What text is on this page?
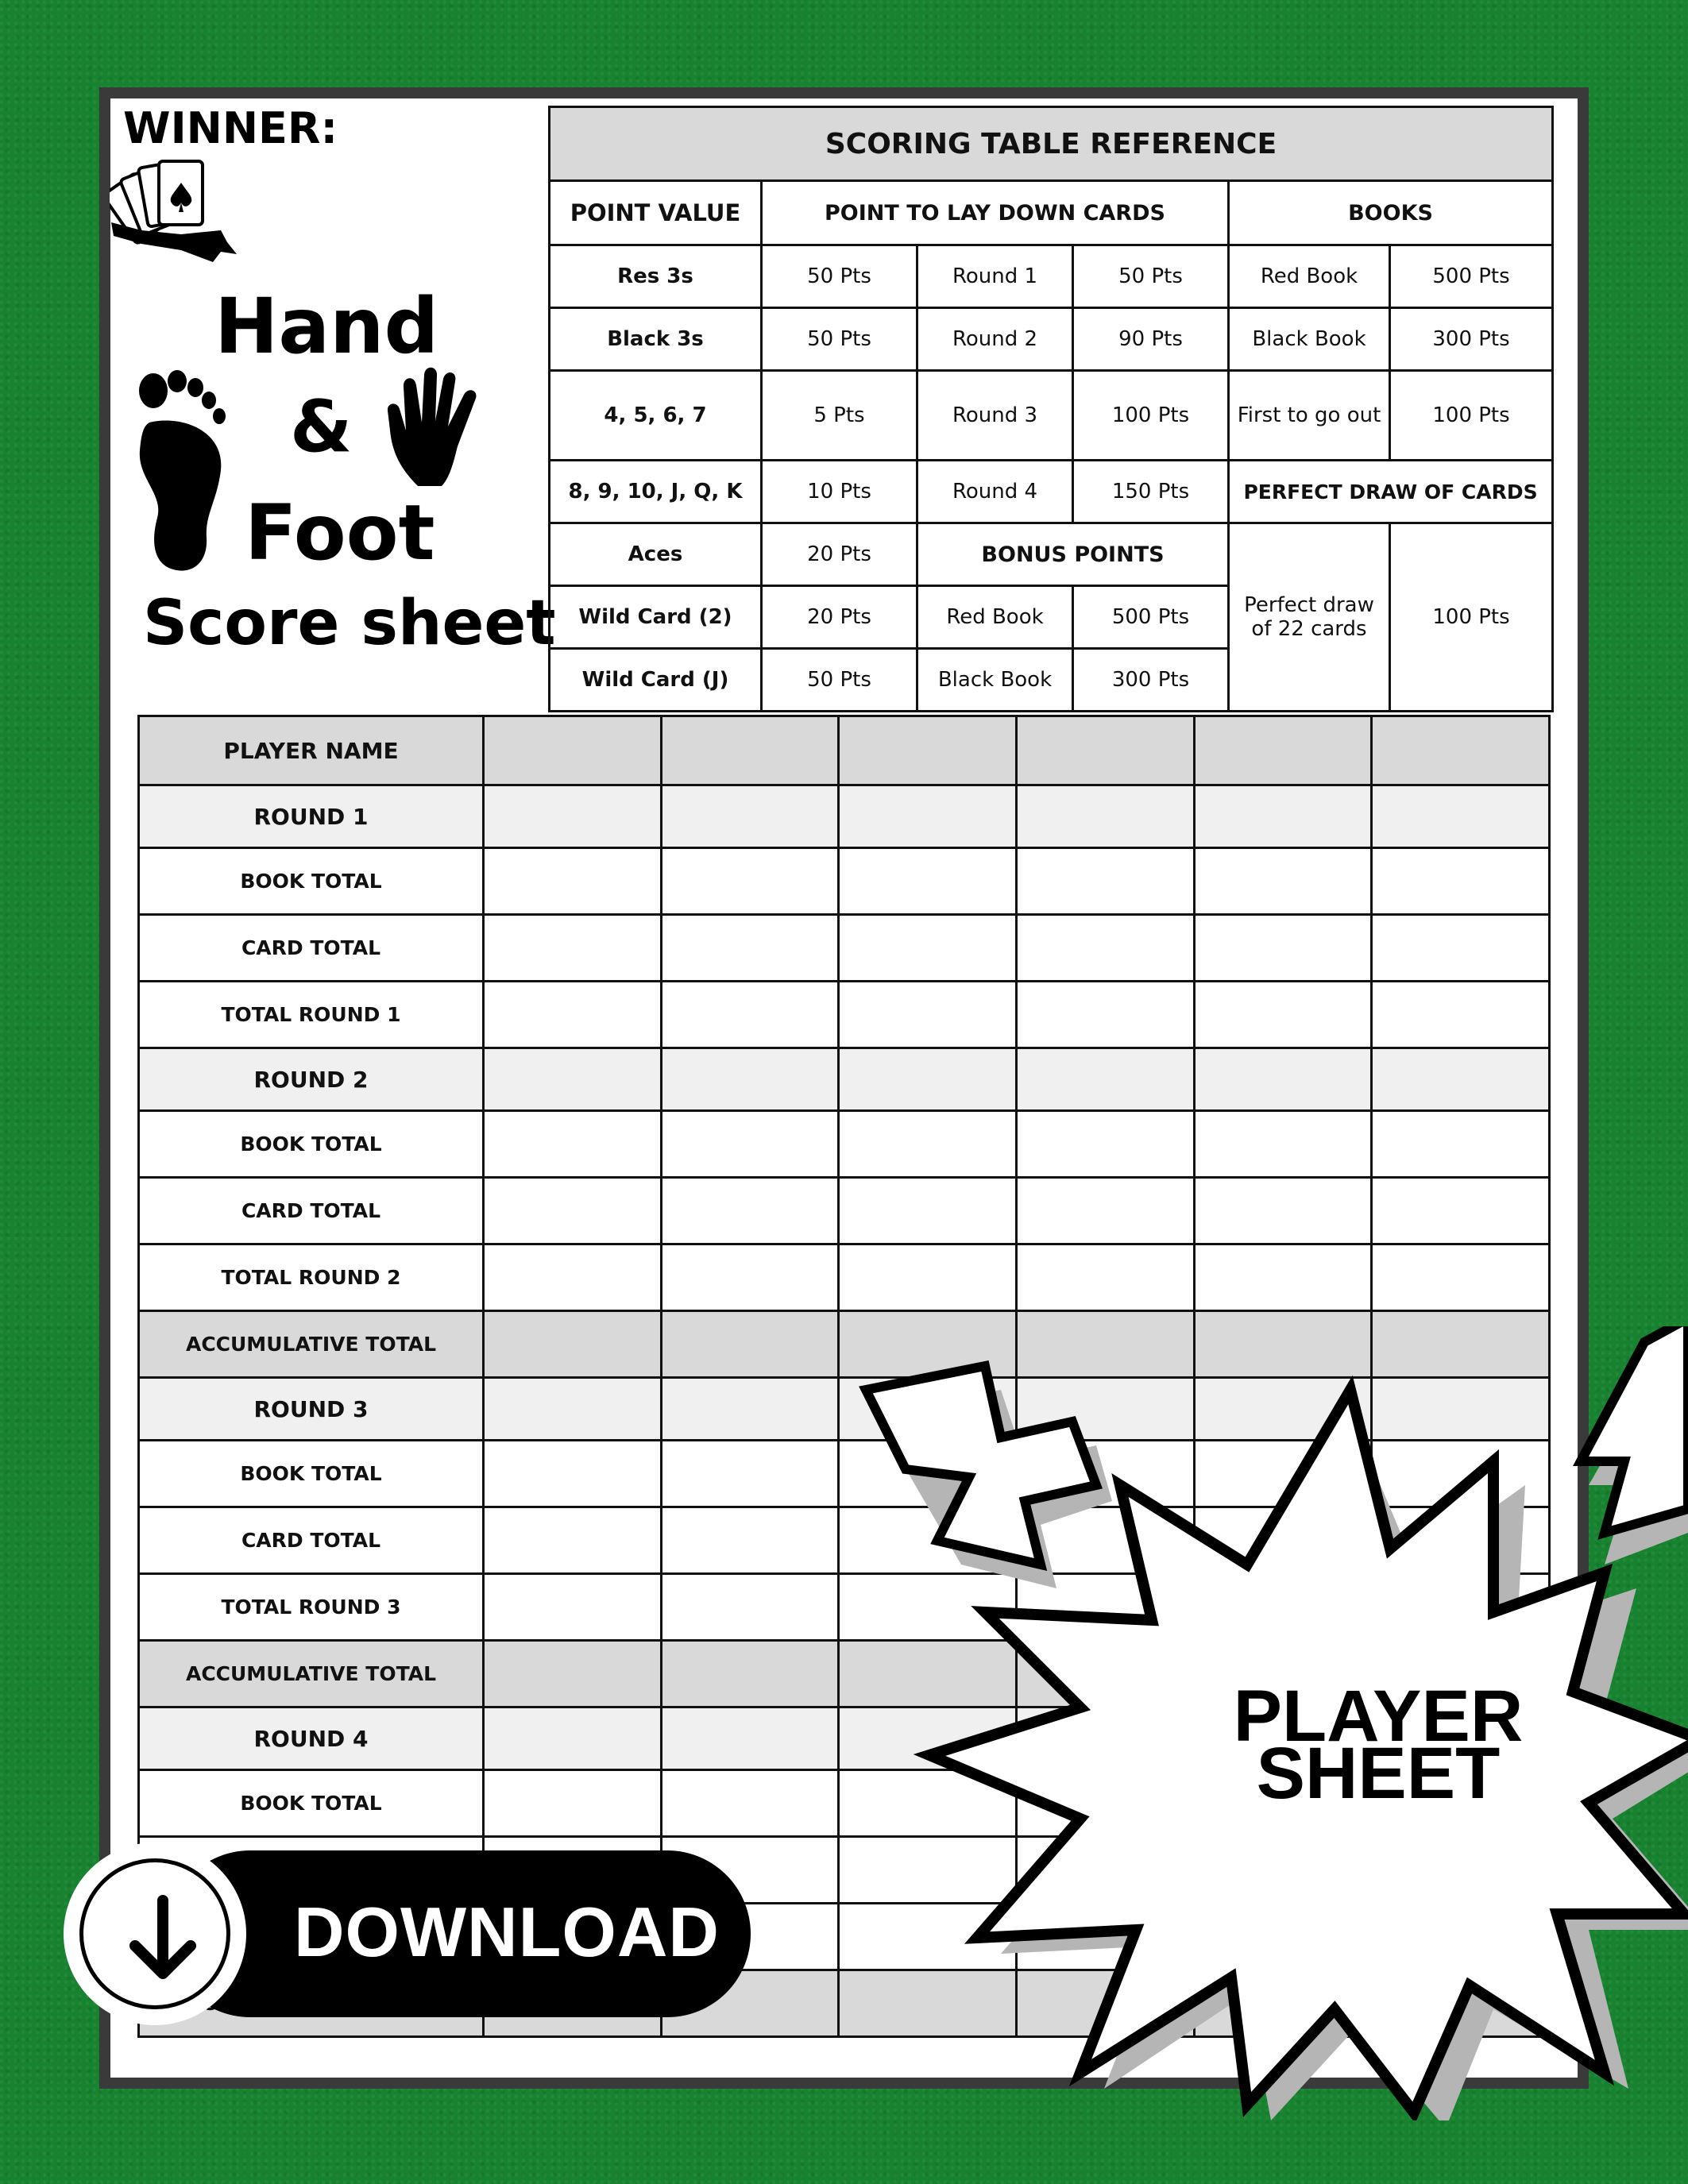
WINNER:
Hand
&
Foot
Score sheet
SCORING TABLE REFERENCE					
POINT VALUE	POINT TO LAY DOWN CARDS			BOOKS	
Res 3s	50 Pts	Round 1	50 Pts	Red Book	500 Pts
Black 3s	50 Pts	Round 2	90 Pts	Black Book	300 Pts
4, 5, 6, 7	5 Pts	Round 3	100 Pts	First to go out	100 Pts
8, 9, 10, J, Q, K	10 Pts	Round 4	150 Pts	PERFECT DRAW OF CARDS	
Aces	20 Pts	BONUS POINTS		Perfect draw of 22 cards	100 Pts
Wild Card (2)	20 Pts	Red Book	500 Pts		
Wild Card (J)	50 Pts	Black Book	300 Pts		
PLAYER NAME						
ROUND 1						
BOOK TOTAL						
CARD TOTAL						
TOTAL ROUND 1						
ROUND 2						
BOOK TOTAL						
CARD TOTAL						
TOTAL ROUND 2						
ACCUMULATIVE TOTAL						
ROUND 3						
BOOK TOTAL						
CARD TOTAL						
TOTAL ROUND 3						
ACCUMULATIVE TOTAL						
ROUND 4						
BOOK TOTAL						

PLAYER
SHEET
DOWNLOAD
